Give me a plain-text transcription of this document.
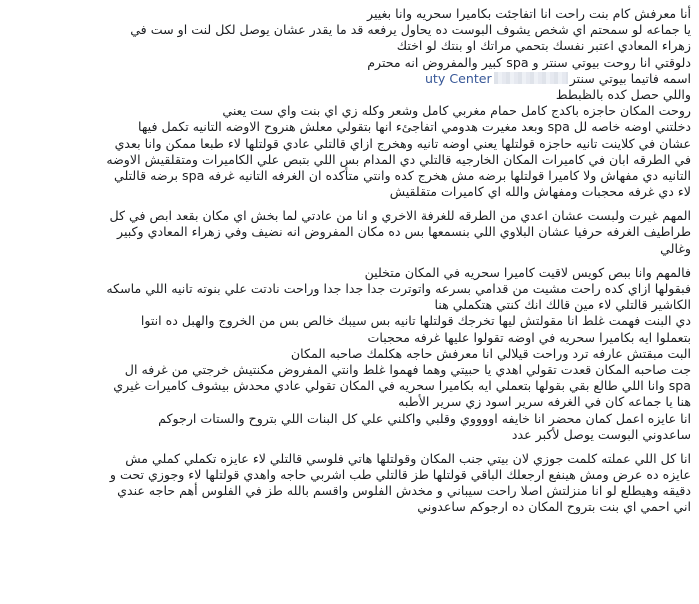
أنا معرفش كام بنت راحت انا اتفاجئت بكاميرا سحريه وانا بغيير
يا جماعه لو سمحتم اي شخص يشوف البوست ده يحاول يرفعه قد ما يقدر عشان يوصل لكل لنت او ست في
زهراء المعادي اعتبر نفسك بتحمي مراتك او بنتك لو اختك
دلوقتي انا روحت بيوتي سنتر و spa كبير والمفروض انه محترم
اسمه فاتيما بيوتي سنترuty Center
واللي حصل كده بالظبطط
روحت المكان حاجزه باكدج كامل حمام مغربي كامل وشعر وكله زي اي بنت واي ست يعني
دخلتني اوضه خاصه لل spa وبعد مغيرت هدومي اتفاجئء انها بتقولي معلش هنروح الاوضه التانيه تكمل فيها
عشان في كلاينت تانيه حاجزه قولتلها يعني اوضه تانيه وهخرج ازاي قالتلي عادي قولتلها لاء طبعا ممكن وانا بعدي
في الطرقه ابان في كاميرات المكان الخارجيه قالتلي دي المدام بس اللي بتبص علي الكاميرات ومتقلقيش الاوضه
التانيه دي مفهاش ولا كاميرا قولتلها برضه مش هخرج كده وانتي متأكده ان الغرفه التانيه غرفه spa برضه قالتلي
لاء دي غرفه محجبات ومفهاش والله اي كاميرات متقلقيش
المهم غيرت ولبست عشان اعدي من الطرقه للغرفة الاخري و انا من عادتي لما بخش اي مكان بقعد ابص في كل
طراطيف الغرفه حرفيا عشان البلاوي اللي بنسمعها بس ده مكان المفروض انه نضيف وفي زهراء المعادي وكبير
وغالي
فالمهم وانا ببص كويس لاقيت كاميرا سحريه في المكان متخلين
فبقولها ازاي كده راحت مشيت من قدامي بسرعه واتوترت جدا جدا جدا وراحت نادتت علي بنوته تانيه اللي ماسكه
الكاشير قالتلي لاء مين قالك انك كنتي هتكملي هنا
دي البنت فهمت غلط انا مقولتش ليها تخرجك قولتلها تانيه بس سيبك خالص بس من الخروج والهبل ده انتوا
بتعملوا ايه بكاميرا سحريه في اوضه تقولوا عليها غرفه محجبات
البت مبقتش عارفه ترد وراحت قيلالي انا معرفش حاجه هكلمك صاحبه المكان
جت صاحبه المكان قعدت تقولي اهدي يا حبيتي وهما فهموا غلط وانتي المفروض مكنتيش خرجتي من غرفه ال
spa وانا اللي طالع بقي بقولها بتعملي ايه بكاميرا سحريه في المكان تقولي عادي محدش بيشوف كاميرات غيري
هنا يا جماعه كان في الغرفه سرير اسود زي سرير الأطبه
انا عايزه اعمل كمان محضر انا خايفه اووووي وقلبي واكلني علي كل البنات اللي بتروح والستات ارجوكم
ساعدوني البوست يوصل لأكبر عدد
انا كل اللي عملته كلمت جوزي لان بيتي جنب المكان وقولتلها هاتي فلوسي قالتلي لاء عايزه تكملي كملي مش
عايزه ده عرض ومش هينفع ارجعلك الباقي قولتلها طز قالتلي طب اشربي حاجه واهدي قولتلها لاء وجوزي تحت و
دقيقه وهيطلع لو انا منزلتش اصلا راحت سيباني و مخدش الفلوس واقسم بالله طز في الفلوس أهم حاجه عندي
اني احمي اي بنت بتروح المكان ده ارجوكم ساعدوني
